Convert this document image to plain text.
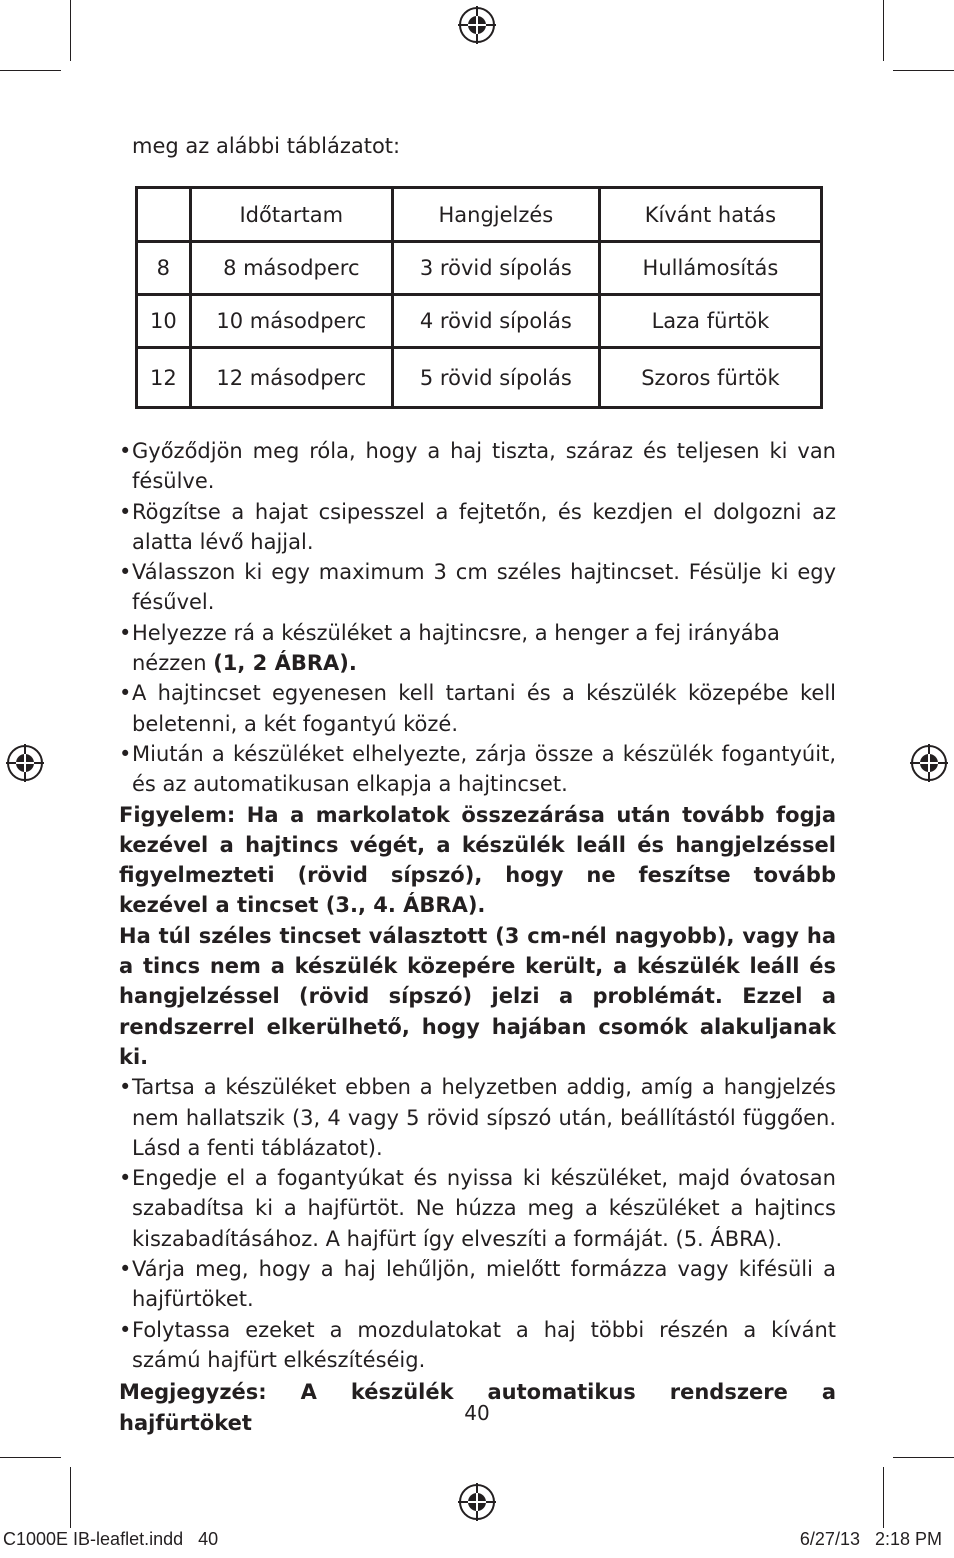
meg az alábbi táblázatot:

	Időtartam	Hangjelzés	Kívánt hatás
8	8 másodperc	3 rövid sípolás	Hullámosítás
10	10 másodperc	4 rövid sípolás	Laza fürtök
12	12 másodperc	5 rövid sípolás	Szoros fürtök
• Győződjön meg róla, hogy a haj tiszta, száraz és teljesen ki van fésülve.
• Rögzítse a hajat csipesszel a fejtetőn, és kezdjen el dolgozni az alatta lévő hajjal.
• Válasszon ki egy maximum 3 cm széles hajtincset. Fésülje ki egy fésűvel.
• Helyezze rá a készüléket a hajtincsre, a henger a fej irányába nézzen (1, 2 ÁBRA).
• A hajtincset egyenesen kell tartani és a készülék közepébe kell beletenni, a két fogantyú közé.
• Miután a készüléket elhelyezte, zárja össze a készülék fogantyúit, és az automatikusan elkapja a hajtincset.
Figyelem: Ha a markolatok összezárása után tovább fogja kezével a hajtincs végét, a készülék leáll és hangjelzéssel figyelmezteti (rövid sípszó), hogy ne feszítse tovább kezével a tincset (3., 4. ÁBRA).
Ha túl széles tincset választott (3 cm-nél nagyobb), vagy ha a tincs nem a készülék közepére került, a készülék leáll és hangjelzéssel (rövid sípszó) jelzi a problémát. Ezzel a rendszerrel elkerülhető, hogy hajában csomók alakuljanak ki.
• Tartsa a készüléket ebben a helyzetben addig, amíg a hangjelzés nem hallatszik (3, 4 vagy 5 rövid sípszó után, beállítástól függően. Lásd a fenti táblázatot).
• Engedje el a fogantyúkat és nyissa ki készüléket, majd óvatosan szabadítsa ki a hajfürtöt. Ne húzza meg a készüléket a hajtincs kiszabadításához. A hajfürt így elveszíti a formáját. (5. ÁBRA).
• Várja meg, hogy a haj lehűljön, mielőtt formázza vagy kifésüli a hajfürtöket.
• Folytassa ezeket a mozdulatokat a haj többi részén a kívánt számú hajfürt elkészítéséig.
Megjegyzés: A készülék automatikus rendszere a hajfürtöket	40
C1000E IB-leaflet.indd   40	6/27/13   2:18 PM
